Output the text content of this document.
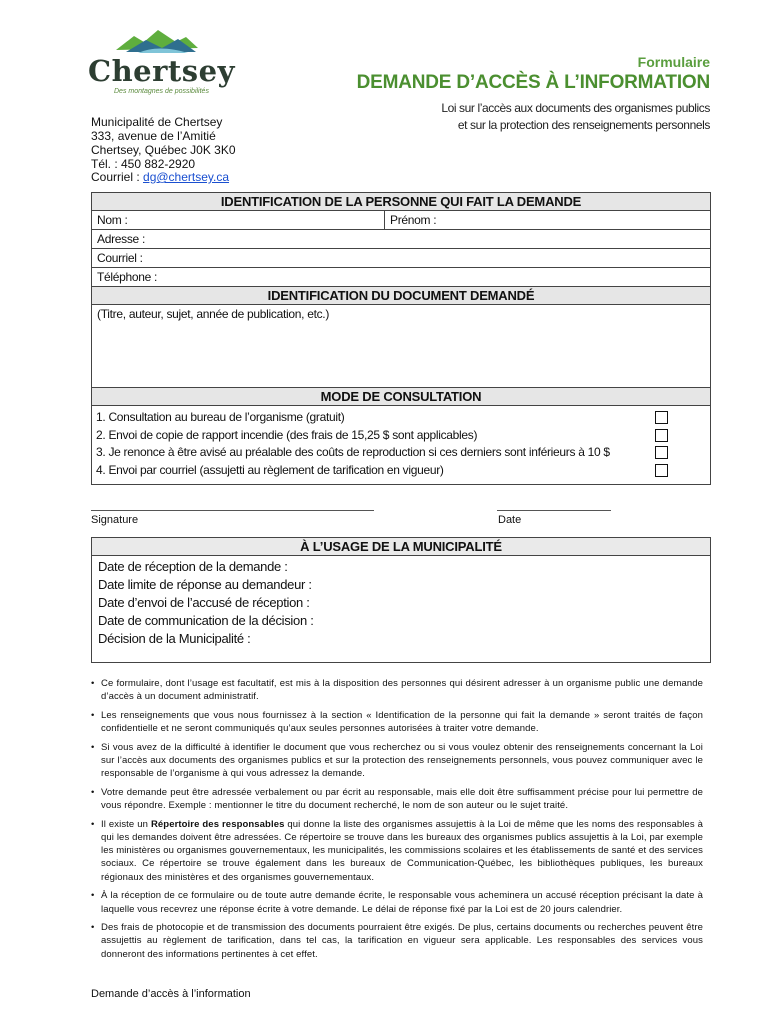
Chertsey
Des montagnes de possibilités
Formulaire
DEMANDE D’ACCÈS À L’INFORMATION
Loi sur l’accès aux documents des organismes publics
et sur la protection des renseignements personnels
Municipalité de Chertsey
333, avenue de l’Amitié
Chertsey, Québec J0K 3K0
Tél. : 450 882-2920
Courriel : dg@chertsey.ca
IDENTIFICATION DE LA PERSONNE QUI FAIT LA DEMANDE
Nom :	Prénom :
Adresse :
Courriel :
Téléphone :
IDENTIFICATION DU DOCUMENT DEMANDÉ
(Titre, auteur, sujet, année de publication, etc.)
MODE DE CONSULTATION
1. Consultation au bureau de l’organisme (gratuit)
2. Envoi de copie de rapport incendie (des frais de 15,25 $ sont applicables)
3. Je renonce à être avisé au préalable des coûts de reproduction si ces derniers sont inférieurs à 10 $
4. Envoi par courriel (assujetti au règlement de tarification en vigueur)
Signature	Date
À L’USAGE DE LA MUNICIPALITÉ
Date de réception de la demande :
Date limite de réponse au demandeur :
Date d’envoi de l’accusé de réception :
Date de communication de la décision :
Décision de la Municipalité :
• Ce formulaire, dont l’usage est facultatif, est mis à la disposition des personnes qui désirent adresser à un organisme public une demande d’accès à un document administratif.
• Les renseignements que vous nous fournissez à la section « Identification de la personne qui fait la demande » seront traités de façon confidentielle et ne seront communiqués qu’aux seules personnes autorisées à traiter votre demande.
• Si vous avez de la difficulté à identifier le document que vous recherchez ou si vous voulez obtenir des renseignements concernant la Loi sur l’accès aux documents des organismes publics et sur la protection des renseignements personnels, vous pouvez communiquer avec le responsable de l’organisme à qui vous adressez la demande.
• Votre demande peut être adressée verbalement ou par écrit au responsable, mais elle doit être suffisamment précise pour lui permettre de vous répondre. Exemple : mentionner le titre du document recherché, le nom de son auteur ou le sujet traité.
• Il existe un Répertoire des responsables qui donne la liste des organismes assujettis à la Loi de même que les noms des responsables à qui les demandes doivent être adressées. Ce répertoire se trouve dans les bureaux des organismes publics assujettis à la Loi, par exemple les ministères ou organismes gouvernementaux, les municipalités, les commissions scolaires et les établissements de santé et des services sociaux. Ce répertoire se trouve également dans les bureaux de Communication-Québec, les bibliothèques publiques, les bureaux régionaux des ministères et des organismes gouvernementaux.
• À la réception de ce formulaire ou de toute autre demande écrite, le responsable vous acheminera un accusé réception précisant la date à laquelle vous recevrez une réponse écrite à votre demande. Le délai de réponse fixé par la Loi est de 20 jours calendrier.
• Des frais de photocopie et de transmission des documents pourraient être exigés. De plus, certains documents ou recherches peuvent être assujettis au règlement de tarification, dans tel cas, la tarification en vigueur sera applicable. Les responsables des services vous donneront des informations pertinentes à cet effet.
Demande d’accès à l’information
